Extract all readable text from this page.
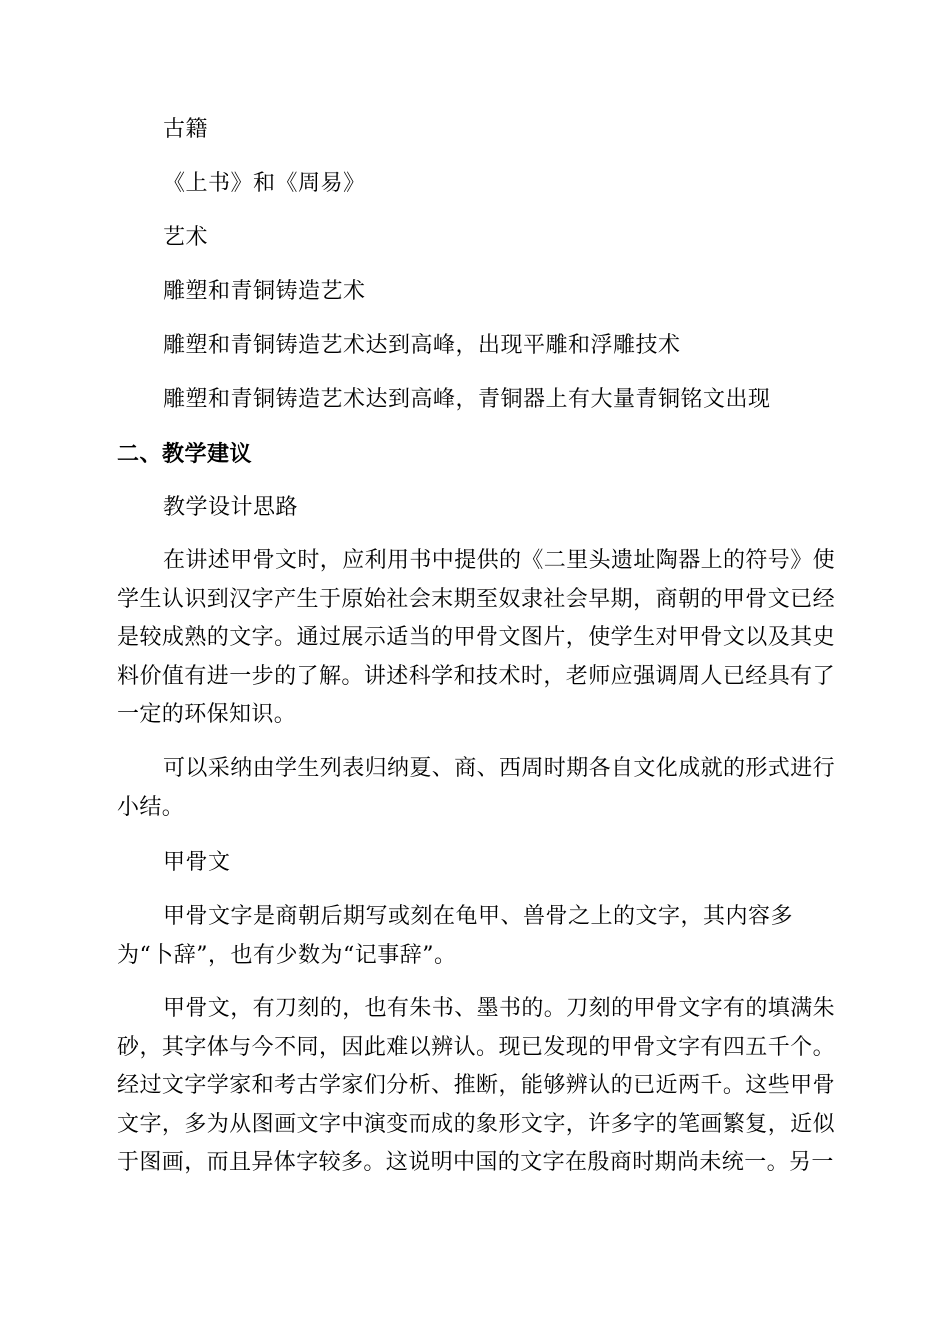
古籍
《上书》和《周易》
艺术
雕塑和青铜铸造艺术
雕塑和青铜铸造艺术达到高峰，出现平雕和浮雕技术
雕塑和青铜铸造艺术达到高峰，青铜器上有大量青铜铭文出现
二、教学建议
教学设计思路
在讲述甲骨文时，应利用书中提供的《二里头遗址陶器上的符号》使学生认识到汉字产生于原始社会末期至奴隶社会早期，商朝的甲骨文已经是较成熟的文字。通过展示适当的甲骨文图片，使学生对甲骨文以及其史料价值有进一步的了解。讲述科学和技术时，老师应强调周人已经具有了一定的环保知识。
可以采纳由学生列表归纳夏、商、西周时期各自文化成就的形式进行小结。
甲骨文
甲骨文字是商朝后期写或刻在龟甲、兽骨之上的文字，其内容多
为“卜辞”，也有少数为“记事辞”。
甲骨文，有刀刻的，也有朱书、墨书的。刀刻的甲骨文字有的填满朱砂，其字体与今不同，因此难以辨认。现已发现的甲骨文字有四五千个。经过文字学家和考古学家们分析、推断，能够辨认的已近两千。这些甲骨文字，多为从图画文字中演变而成的象形文字，许多字的笔画繁复，近似于图画，而且异体字较多。这说明中国的文字在殷商时期尚未统一。另一
